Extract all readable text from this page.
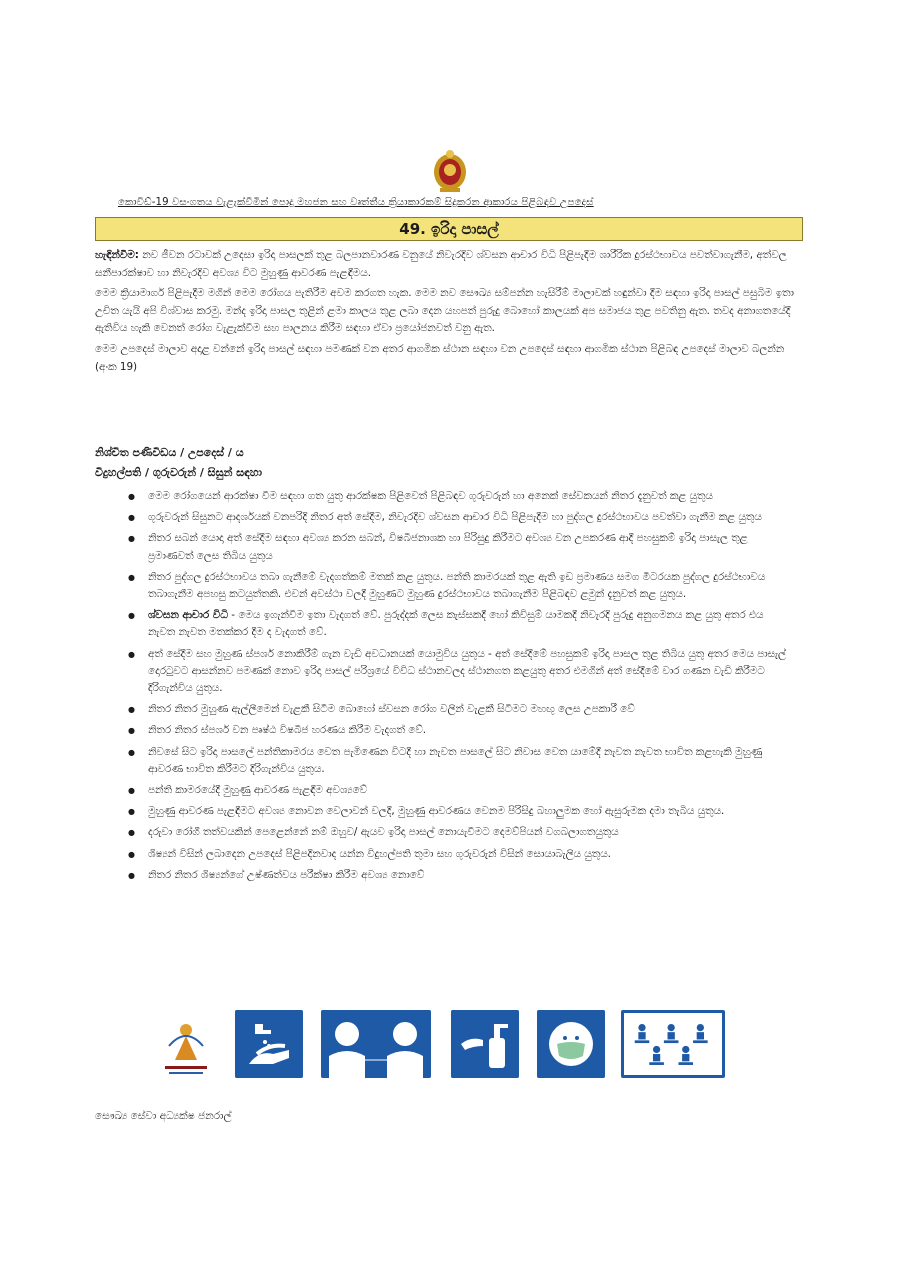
කොවිඩ්-19 වසංගතය වැළැක්වීමින් පොදු මහජන සහ වෘත්තීය ක්‍රියාකාරකම් සිදුකරන ආකාරය පිළිබඳව උපදෙස්
49. ඉරිදා පාසල්

හැඳින්වීම: නව ජීවන රටාවක් උදෙසා ඉරිදා පාසලක් තුළ බලපානවාරණ වනුයේ නිවැරදිව ශ්වසන ආචාර විධි පිළිපැදීම ශාරීරික දුරස්ථභාවය පවත්වාගැනීම, අත්වල සනීපාරක්ෂාව හා නිවැරදිව අවශ්‍ය විට මුහුණු ආවරණ පැළඳීමය.

මෙම ක්‍රියාමාර්ග පිළිපැදීම මගින් මෙම රෝගය පැතිරීම අවම කරගත හැක. මෙම නව සෞඛ්‍ය සම්පන්න හැසිරීම් මාලාවක් හඳුන්වා දීම සඳහා ඉරිදා පාසල් පසුබිම ඉතා උචිත යැයි අපි විශ්වාස කරමු. මන්ද ඉරිදා පාසල තුළින් ළමා කාලය තුළ ලබා දෙන යහපත් පුරුදු බොහෝ කාලයක් අප සමාජය තුළ පවතිනු ඇත. තවද අනාගතයේදී ඇතිවිය හැකි වෙනත් රෝග වැළැක්වීම සහ පාලනය කිරීම සඳහා ඒවා ප්‍රයෝජනවත් වනු ඇත.

මෙම උපදෙස් මාලාව අදාළ වන්නේ ඉරිදා පාසල් සඳහා පමණක් වන අතර ආගමික ස්ථාන සඳහා වන උපදෙස් සඳහා ආගමික ස්ථාන පිළිබඳ උපදෙස් මාලාව බලන්න (අංක 19)

නිශ්චිත පණිවිඩය / උපදෙස් / ය
විදුහල්පති / ගුරුවරුන් / සිසුන් සඳහා
● මෙම රෝගයෙන් ආරක්ෂා වීම සඳහා ගත යුතු ආරක්ෂක පිළිවෙත් පිළිබඳව ගුරුවරුන් හා අනෙක් සේවකයන් නිතර දැනුවත් කළ යුතුය
● ගුරුවරුන් සිසුනට ආදර්ශයක් වනපරිදි නිතර අත් සේදීම, නිවැරදිව ශ්වසන ආචාර විධි පිළිපැදීම හා පුද්ගල දුරස්ථභාවය පවත්වා ගැනීම කළ යුතුය
● නිතර සබන් යොදා අත් සේදීම සඳහා අවශ්‍ය කරන සබන්, විෂබීජනාශක හා පිරිසුදු කිරීමට අවශ්‍ය වන උපකරණ ආදී පහසුකම් ඉරිදා පාසැල තුළ ප්‍රමාණවත් ලෙස තිබිය යුතුය
● නිතර පුද්ගල දුරස්ථභාවය තබා ගැනීමේ වැදගත්කම් මතක් කළ යුතුය. පන්ති කාමරයක් තුළ ඇති ඉඩ ප්‍රමාණය සමග මීටරයක පුද්ගල දුරස්ථභාවය තබාගැනීම අපහසු කටයුත්තකි. එවන් අවස්ථා වලදී මුහුණට මුහුණ දුරස්ථභාවය තබාගැනීම පිළිබඳව ළමුන් දැනුවත් කළ යුතුය.
● ශ්වසන ආචාර විධි - මෙය ඉගැන්වීම ඉතා වැදගත් වේ. පුරුද්දක් ලෙස කැස්සකදී හෝ කිවිසුම් යාමකදී නිවැරදි පුරුදු අනුගමනය කළ යුතු අතර එය නැවත නැවත මතක්කර දීම ද වැදගත් වේ.
● අත් සේදීම සහ මුහුණ ස්පර්ශ නොකිරීම් ගැන වැඩි අවධානයක් යොමුවිය යුතුය - අත් සේදීමේ පහසුකම් ඉරිදා පාසල තුළ තිබිය යුතු අතර මෙය පාසැල් දොරටුවට ආසන්නව පමණක් නොව ඉරිදා පාසල් පරිශ්‍රයේ විවිධ ස්ථානවලද ස්ථානගත කළයුතු අතර එමගින් අත් සේදීමේ වාර ගණන වැඩි කිරීමට දිරිගැන්විය යුතුය.
● නිතර නිතර මුහුණ ඇල්ලීමෙන් වැළකී සිටීම බොහෝ ස්වසන රෝග වලින් වැළකී සිටීමට මහඟු ලෙස උපකාරී වේ
● නිතර නිතර ස්පර්ශ වන පෘෂ්ඨ විෂබීජ හරණය කිරීම වැදගත් වේ.
● නිවසේ සිට ඉරිදා පාසලේ පන්තිකාමරය වෙත පැමිණෙන විටදී හා නැවත පාසලේ සිට නිවාස වෙත යාමේදී නැවත නැවත භාවිත කළහැකි මුහුණු ආවරණ භාවිත කිරීමට දිරිගැන්විය යුතුය.
● පන්ති කාමරයේදී මුහුණු ආවරණ පැළඳීම අවශ්‍යවේ
● මුහුණු ආවරණ පැළඳීමට අවශ්‍ය නොවන වෙලාවන් වලදී, මුහුණු ආවරණය වෙනම පිරිසිදු බහාලුමක හෝ ඇසුරුමක දමා තැබිය යුතුය.
● දරුවා රෝගී තත්වයකින් පෙළෙන්නේ නම් ඔහුව/ ඇයව ඉරිදා පාසල් නොයැවීමට දෙමව්පියන් වගබලාගතයුතුය
● ශිෂ්‍යන් විසින් ලබාදෙන උපදෙස් පිළිපදිනවාද යන්න විදුහල්පති තුමා සහ ගුරුවරුන් විසින් සොයාබැලිය යුතුය.
● නිතර නිතර ශිෂ්‍යන්ගේ උෂ්ණත්වය පරීක්ෂා කිරීම අවශ්‍ය නොවේ
සෞඛ්‍ය සේවා අධ්‍යක්ෂ ජනරාල්
